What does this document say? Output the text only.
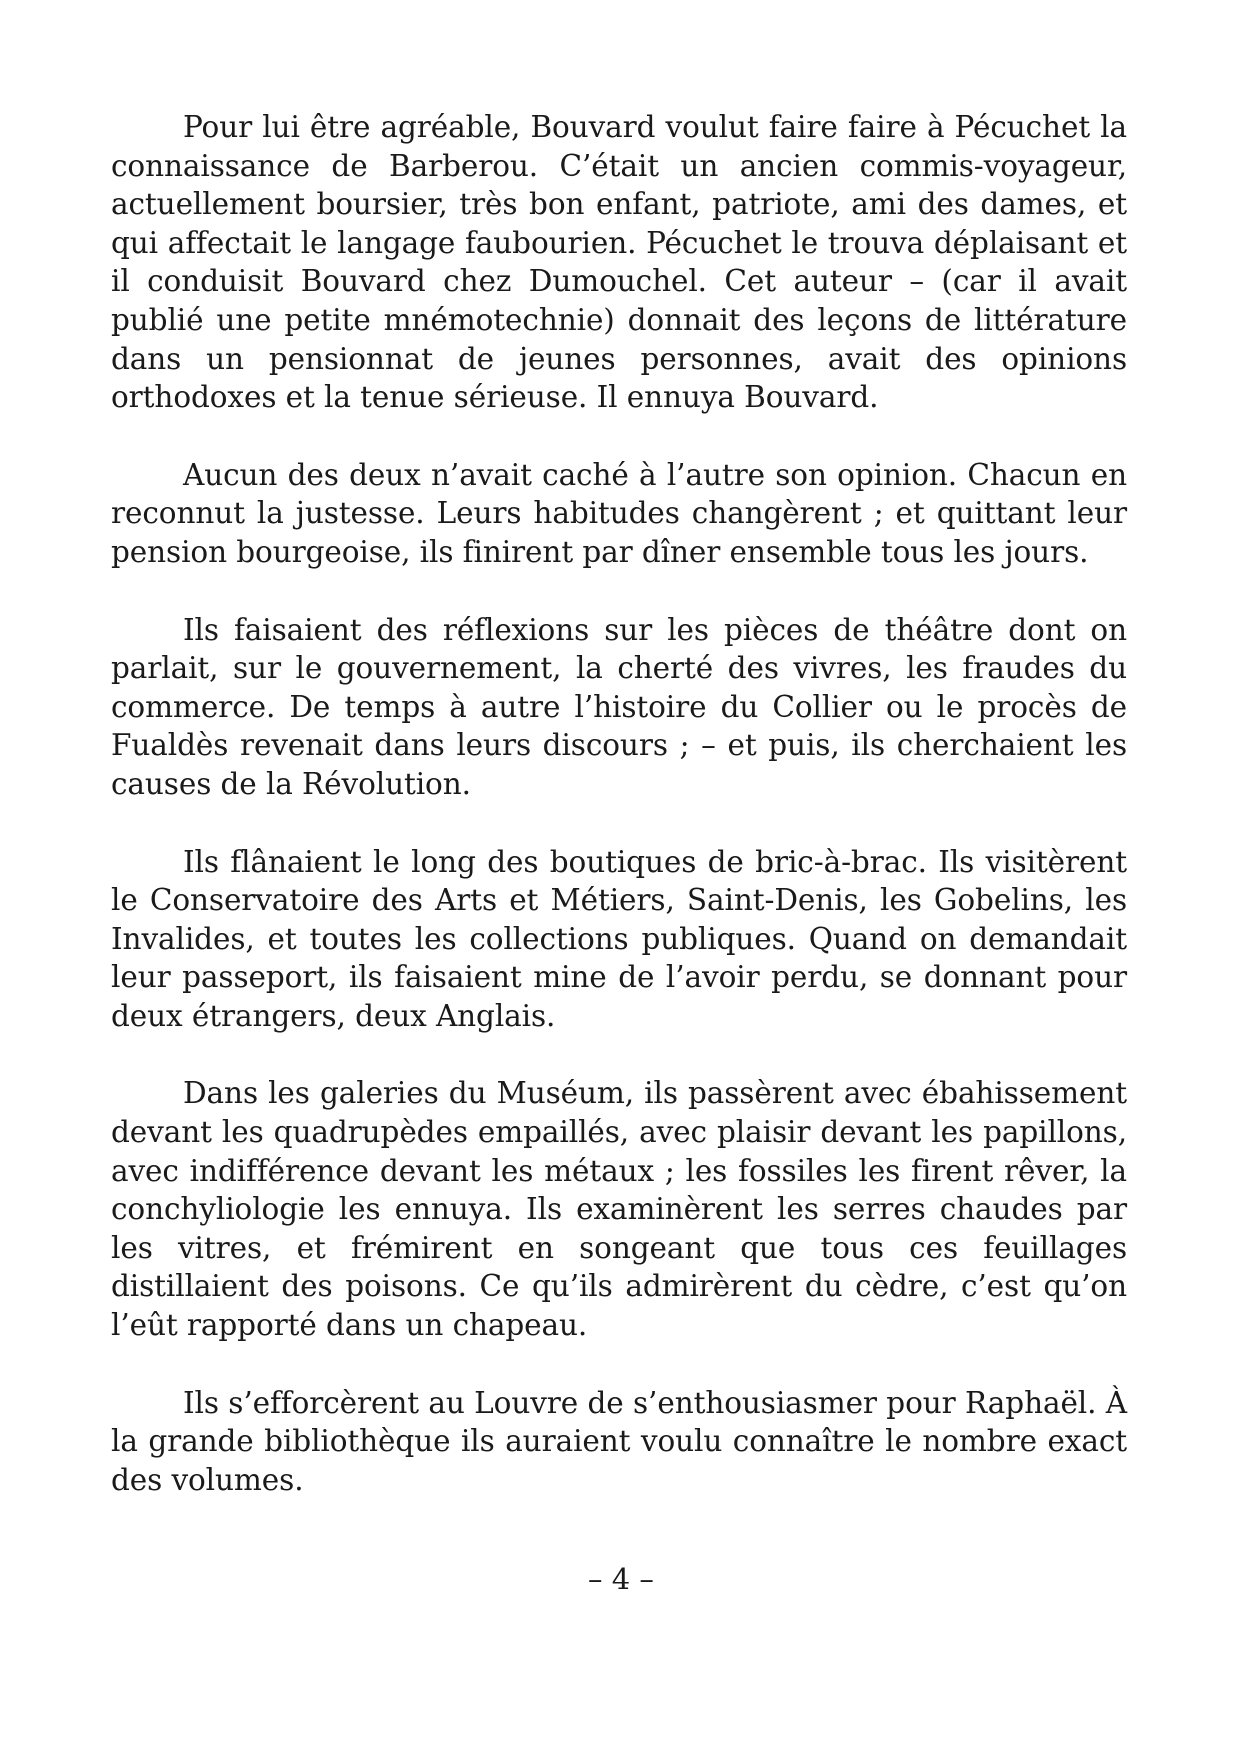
Pour lui être agréable, Bouvard voulut faire faire à Pécuchet la connaissance de Barberou. C’était un ancien commis-voyageur, actuellement boursier, très bon enfant, patriote, ami des dames, et qui affectait le langage faubourien. Pécuchet le trouva déplaisant et il conduisit Bouvard chez Dumouchel. Cet auteur – (car il avait publié une petite mnémotechnie) donnait des leçons de littérature dans un pensionnat de jeunes personnes, avait des opinions orthodoxes et la tenue sérieuse. Il ennuya Bouvard.

Aucun des deux n’avait caché à l’autre son opinion. Chacun en reconnut la justesse. Leurs habitudes changèrent ; et quittant leur pension bourgeoise, ils finirent par dîner ensemble tous les jours.

Ils faisaient des réflexions sur les pièces de théâtre dont on parlait, sur le gouvernement, la cherté des vivres, les fraudes du commerce. De temps à autre l’histoire du Collier ou le procès de Fualdès revenait dans leurs discours ; – et puis, ils cherchaient les causes de la Révolution.

Ils flânaient le long des boutiques de bric-à-brac. Ils visitèrent le Conservatoire des Arts et Métiers, Saint-Denis, les Gobelins, les Invalides, et toutes les collections publiques. Quand on demandait leur passeport, ils faisaient mine de l’avoir perdu, se donnant pour deux étrangers, deux Anglais.

Dans les galeries du Muséum, ils passèrent avec ébahissement devant les quadrupèdes empaillés, avec plaisir devant les papillons, avec indifférence devant les métaux ; les fossiles les firent rêver, la conchyliologie les ennuya. Ils examinèrent les serres chaudes par les vitres, et frémirent en songeant que tous ces feuillages distillaient des poisons. Ce qu’ils admirèrent du cèdre, c’est qu’on l’eût rapporté dans un chapeau.

Ils s’efforcèrent au Louvre de s’enthousiasmer pour Raphaël. À la grande bibliothèque ils auraient voulu connaître le nombre exact des volumes.

– 4 –
